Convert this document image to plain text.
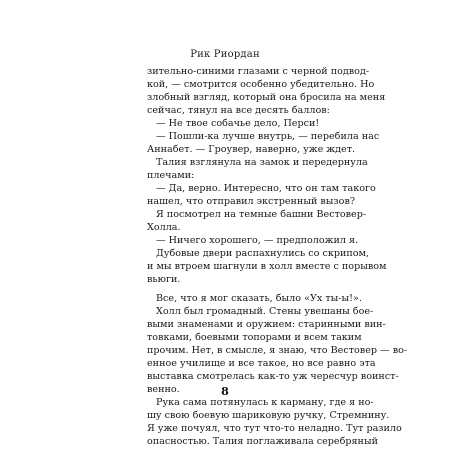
Рик Риордан
зительно-синими глазами с черной подвод-
кой, — смотрится особенно убедительно. Но
злобный взгляд, который она бросила на меня
сейчас, тянул на все десять баллов:
— Не твое собачье дело, Перси!
— Пошли-ка лучше внутрь, — перебила нас
Аннабет. — Гроувер, наверно, уже ждет.
Талия взглянула на замок и передернула
плечами:
— Да, верно. Интересно, что он там такого
нашел, что отправил экстренный вызов?
Я посмотрел на темные башни Вестовер-
Холла.
— Ничего хорошего, — предположил я.
Дубовые двери распахнулись со скрипом,
и мы втроем шагнули в холл вместе с порывом
вьюги.
Все, что я мог сказать, было «Ух ты-ы!».
Холл был громадный. Стены увешаны бое-
выми знаменами и оружием: старинными вин-
товками, боевыми топорами и всем таким
прочим. Нет, в смысле, я знаю, что Вестовер — во-
енное училище и все такое, но все равно эта
выставка смотрелась как-то уж чересчур воинст-
венно.
Рука сама потянулась к карману, где я но-
шу свою боевую шариковую ручку, Стремнину.
Я уже почуял, что тут что-то неладно. Тут разило
опасностью. Талия поглаживала серебряный
8
